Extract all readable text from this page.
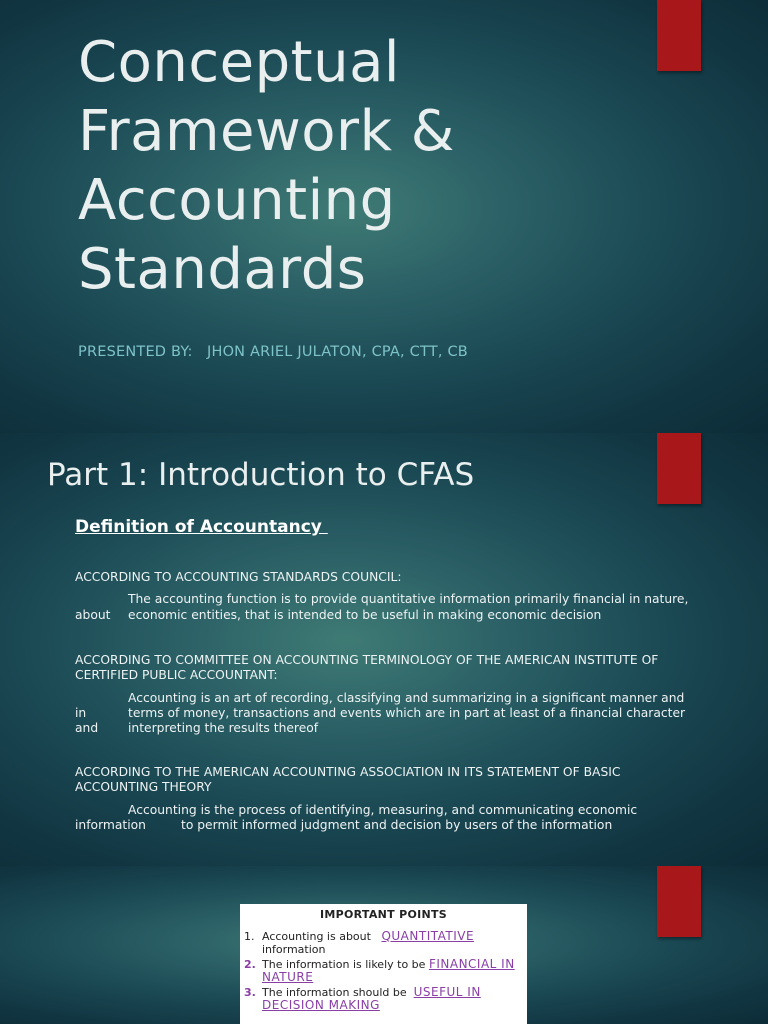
Conceptual
Framework &
Accounting
Standards
PRESENTED BY:   JHON ARIEL JULATON, CPA, CTT, CB
Part 1: Introduction to CFAS
Definition of Accountancy
ACCORDING TO ACCOUNTING STANDARDS COUNCIL:
The accounting function is to provide quantitative information primarily financial in nature,
about	economic entities, that is intended to be useful in making economic decision
ACCORDING TO COMMITTEE ON ACCOUNTING TERMINOLOGY OF THE AMERICAN INSTITUTE OF
CERTIFIED PUBLIC ACCOUNTANT:
Accounting is an art of recording, classifying and summarizing in a significant manner and
in	terms of money, transactions and events which are in part at least of a financial character
and	interpreting the results thereof
ACCORDING TO THE AMERICAN ACCOUNTING ASSOCIATION IN ITS STATEMENT OF BASIC
ACCOUNTING THEORY
Accounting is the process of identifying, measuring, and communicating economic
information	to permit informed judgment and decision by users of the information
IMPORTANT POINTS
1. Accounting is about QUANTITATIVE
information
2. The information is likely to be FINANCIAL IN
NATURE
3. The information should be USEFUL IN
DECISION MAKING
